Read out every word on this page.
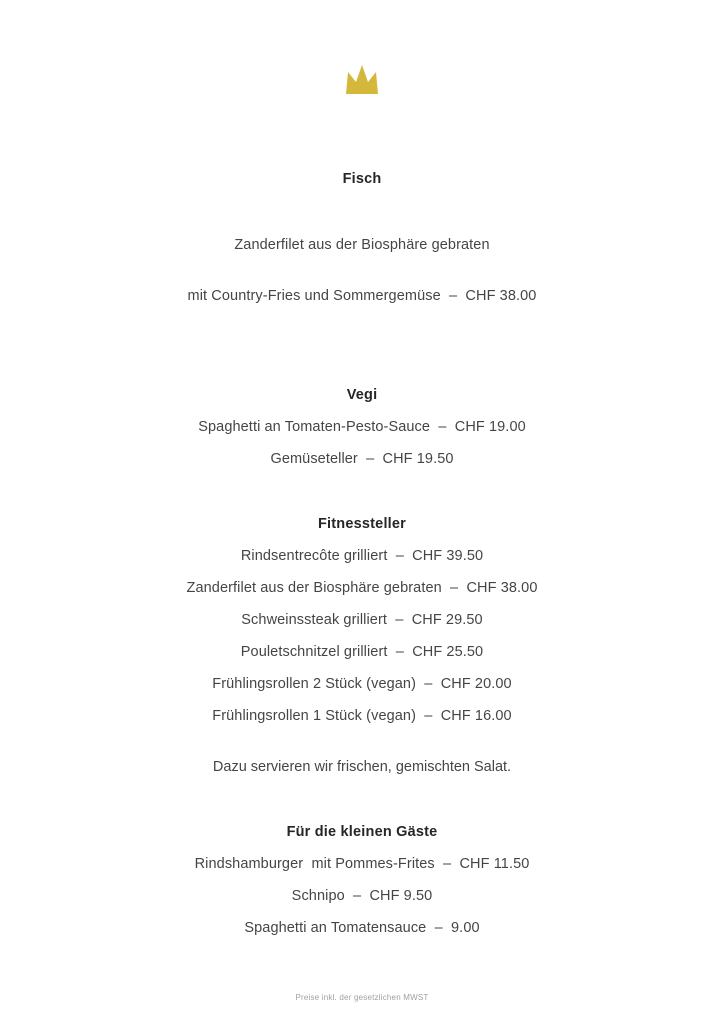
Fisch

Zanderfilet aus der Biosphäre gebraten

mit Country-Fries und Sommergemüse  –  CHF 38.00

Vegi
Spaghetti an Tomaten-Pesto-Sauce  –  CHF 19.00
Gemüseteller  –  CHF 19.50
Fitnessteller
Rindsentrecôte grilliert  –  CHF 39.50
Zanderfilet aus der Biosphäre gebraten  –  CHF 38.00
Schweinssteak grilliert  –  CHF 29.50
Pouletschnitzel grilliert  –  CHF 25.50
Frühlingsrollen 2 Stück (vegan)  –  CHF 20.00
Frühlingsrollen 1 Stück (vegan)  –  CHF 16.00
Dazu servieren wir frischen, gemischten Salat.
Für die kleinen Gäste
Rindshamburger  mit Pommes-Frites  –  CHF 11.50
Schnipo  –  CHF 9.50
Spaghetti an Tomatensauce  –  9.00
Preise inkl. der gesetzlichen MWST
